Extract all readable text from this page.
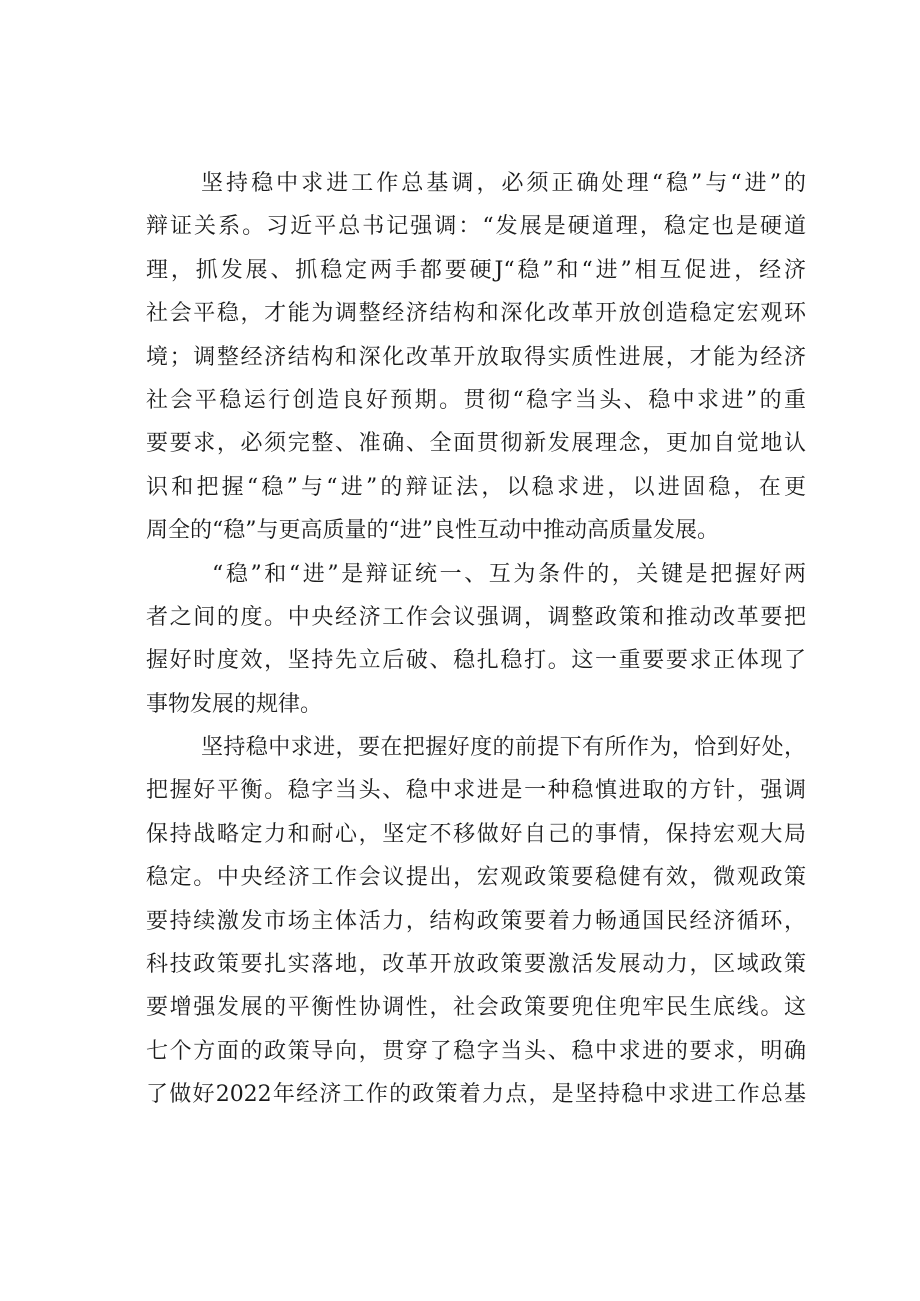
坚持稳中求进工作总基调，必须正确处理“稳”与“进”的
辩证关系。习近平总书记强调：“发展是硬道理，稳定也是硬道
理，抓发展、抓稳定两手都要硬J“稳”和“进”相互促进，经济
社会平稳，才能为调整经济结构和深化改革开放创造稳定宏观环
境；调整经济结构和深化改革开放取得实质性进展，才能为经济
社会平稳运行创造良好预期。贯彻“稳字当头、稳中求进”的重
要要求，必须完整、准确、全面贯彻新发展理念，更加自觉地认
识和把握“稳”与“进”的辩证法，以稳求进，以进固稳，在更
周全的“稳”与更高质量的“进”良性互动中推动高质量发展。
“稳”和“进”是辩证统一、互为条件的，关键是把握好两
者之间的度。中央经济工作会议强调，调整政策和推动改革要把
握好时度效，坚持先立后破、稳扎稳打。这一重要要求正体现了
事物发展的规律。
坚持稳中求进，要在把握好度的前提下有所作为，恰到好处，
把握好平衡。稳字当头、稳中求进是一种稳慎进取的方针，强调
保持战略定力和耐心，坚定不移做好自己的事情，保持宏观大局
稳定。中央经济工作会议提出，宏观政策要稳健有效，微观政策
要持续激发市场主体活力，结构政策要着力畅通国民经济循环，
科技政策要扎实落地，改革开放政策要激活发展动力，区域政策
要增强发展的平衡性协调性，社会政策要兜住兜牢民生底线。这
七个方面的政策导向，贯穿了稳字当头、稳中求进的要求，明确
了做好2022年经济工作的政策着力点，是坚持稳中求进工作总基
